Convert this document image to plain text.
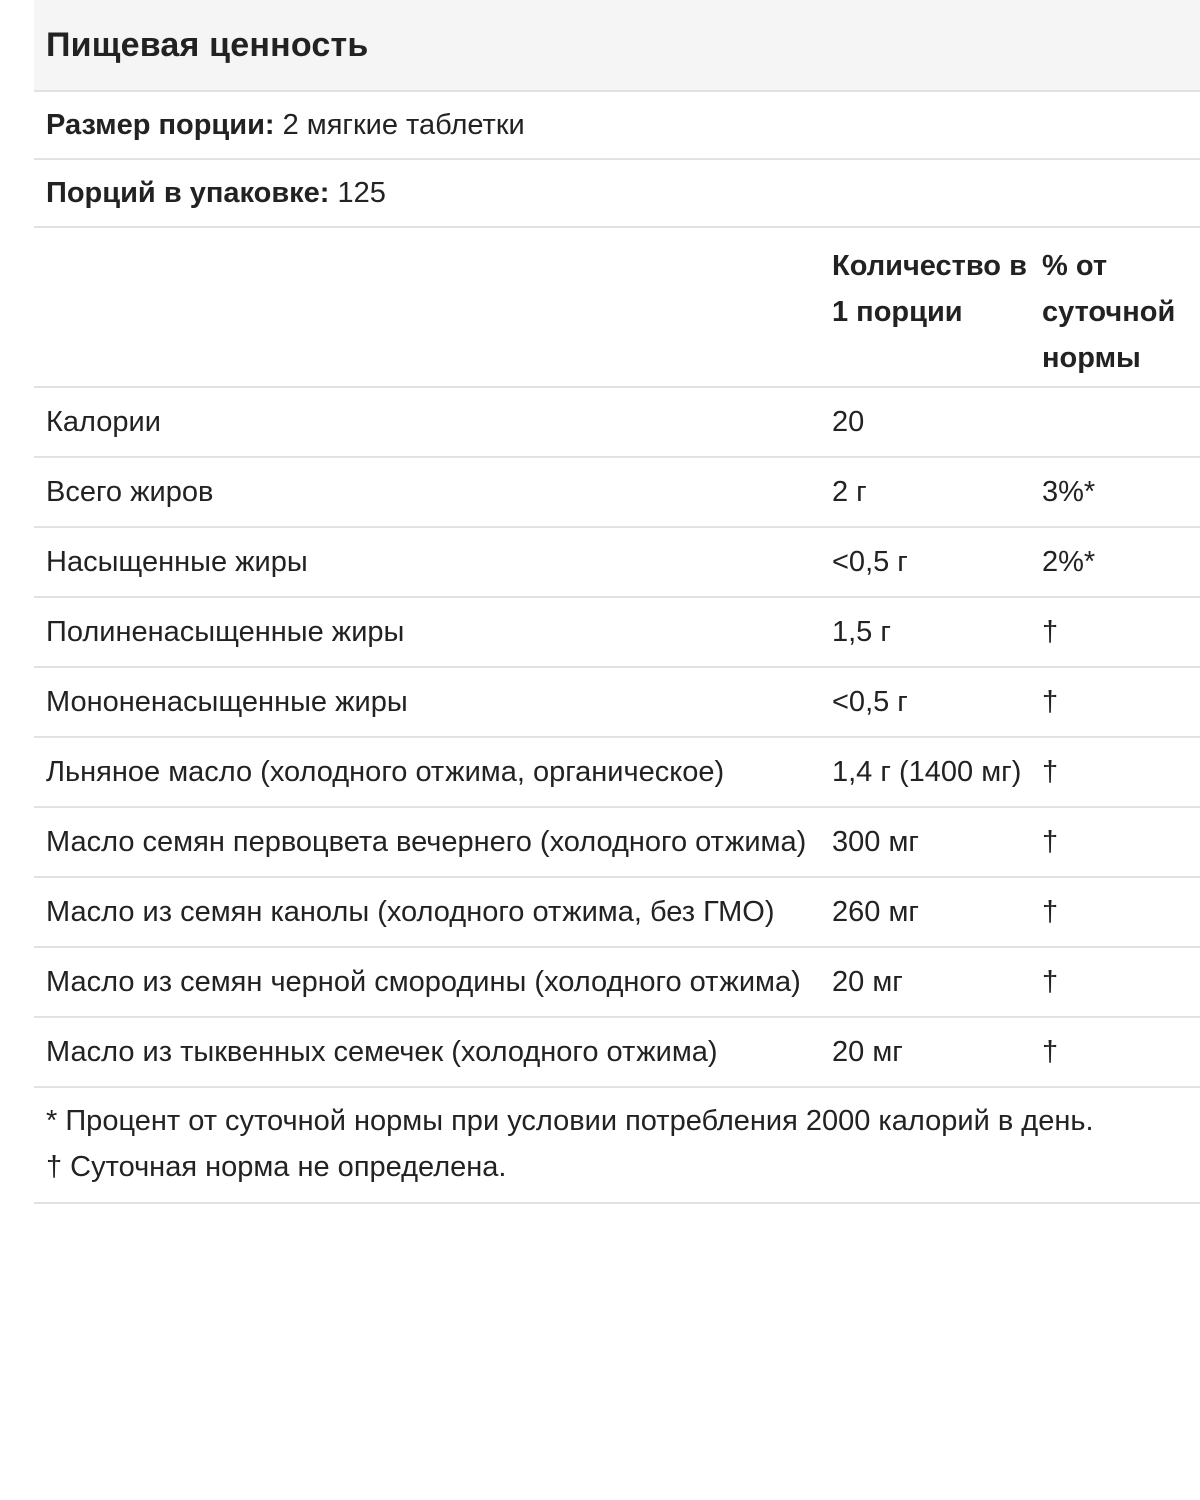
Пищевая ценность
Размер порции: 2 мягкие таблетки
Порций в упаковке: 125
Количество в 1 порции
% от суточной нормы
Калории	20
Всего жиров	2 г	3%*
Насыщенные жиры	<0,5 г	2%*
Полиненасыщенные жиры	1,5 г	†
Мононенасыщенные жиры	<0,5 г	†
Льняное масло (холодного отжима, органическое)	1,4 г (1400 мг) †
Масло семян первоцвета вечернего (холодного отжима) 300 мг	†
Масло из семян канолы (холодного отжима, без ГМО)	260 мг	†
Масло из семян черной смородины (холодного отжима)	20 мг	†
Масло из тыквенных семечек (холодного отжима)	20 мг	†
* Процент от суточной нормы при условии потребления 2000 калорий в день.
† Суточная норма не определена.
